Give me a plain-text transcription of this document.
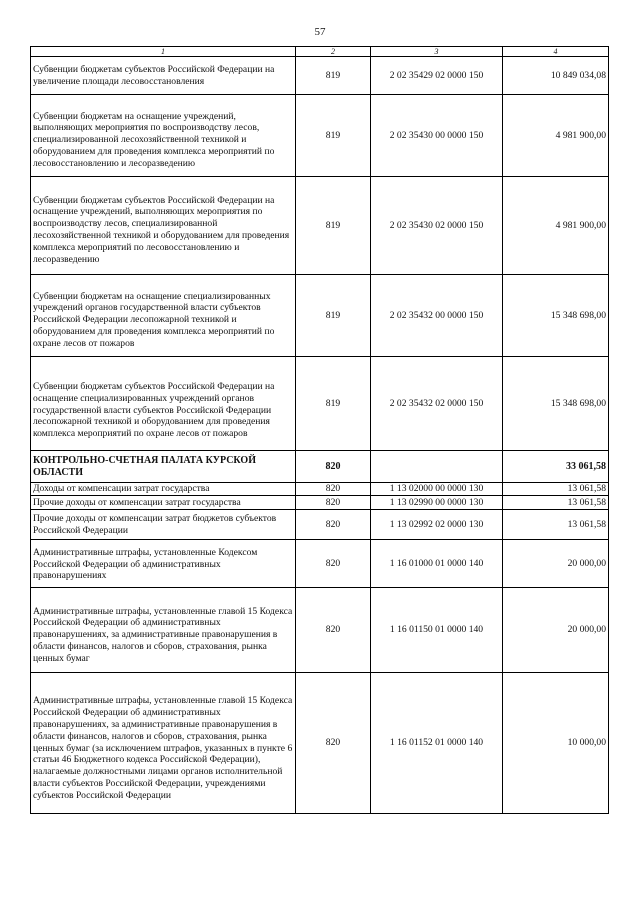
57
1	2	3	4
Субвенции бюджетам субъектов Российской Федерации на увеличение площади лесовосстановления	819	2 02 35429 02 0000 150	10 849 034,08
Субвенции бюджетам на оснащение учреждений, выполняющих мероприятия по воспроизводству лесов, специализированной лесохозяйственной техникой и оборудованием для проведения комплекса мероприятий по лесовосстановлению и лесоразведению	819	2 02 35430 00 0000 150	4 981 900,00
Субвенции бюджетам субъектов Российской Федерации на оснащение учреждений, выполняющих мероприятия по воспроизводству лесов, специализированной лесохозяйственной техникой и оборудованием для проведения комплекса мероприятий по лесовосстановлению и лесоразведению	819	2 02 35430 02 0000 150	4 981 900,00
Субвенции бюджетам на оснащение специализированных учреждений органов государственной власти субъектов Российской Федерации лесопожарной техникой и оборудованием для проведения комплекса мероприятий по охране лесов от пожаров	819	2 02 35432 00 0000 150	15 348 698,00
Субвенции бюджетам субъектов Российской Федерации на оснащение специализированных учреждений органов государственной власти субъектов Российской Федерации лесопожарной техникой и оборудованием для проведения комплекса мероприятий по охране лесов от пожаров	819	2 02 35432 02 0000 150	15 348 698,00
КОНТРОЛЬНО-СЧЕТНАЯ ПАЛАТА КУРСКОЙ ОБЛАСТИ	820		33 061,58
Доходы от компенсации затрат государства	820	1 13 02000 00 0000 130	13 061,58
Прочие доходы от компенсации затрат государства	820	1 13 02990 00 0000 130	13 061,58
Прочие доходы от компенсации затрат бюджетов субъектов Российской Федерации	820	1 13 02992 02 0000 130	13 061,58
Административные штрафы, установленные Кодексом Российской Федерации об административных правонарушениях	820	1 16 01000 01 0000 140	20 000,00
Административные штрафы, установленные главой 15 Кодекса Российской Федерации об административных правонарушениях, за административные правонарушения в области финансов, налогов и сборов, страхования, рынка ценных бумаг	820	1 16 01150 01 0000 140	20 000,00
Административные штрафы, установленные главой 15 Кодекса Российской Федерации об административных правонарушениях, за административные правонарушения в области финансов, налогов и сборов, страхования, рынка ценных бумаг (за исключением штрафов, указанных в пункте 6 статьи 46 Бюджетного кодекса Российской Федерации), налагаемые должностными лицами органов исполнительной власти субъектов Российской Федерации, учреждениями субъектов Российской Федерации	820	1 16 01152 01 0000 140	10 000,00
